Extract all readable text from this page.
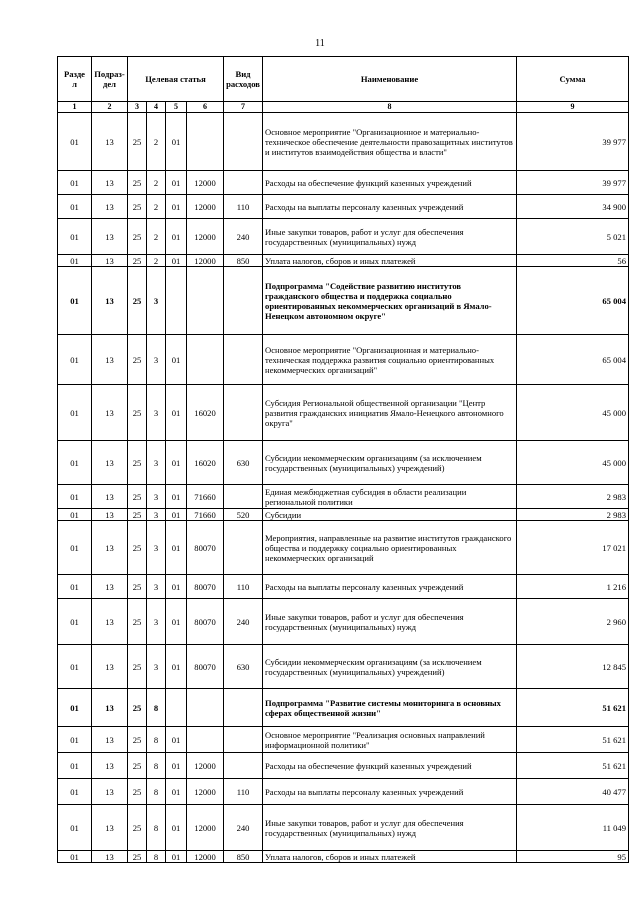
11
Разде
л	Подраз-
дел	Целевая статья				Вид
расходов	Наименование	Сумма
1	2	3	4	5	6	7	8	9
01	13	25	2	01			Основное мероприятие "Организационное и материально-техническое обеспечение деятельности правозащитных институтов и институтов взаимодействия общества и власти"	39 977
01	13	25	2	01	12000		Расходы на обеспечение функций казенных учреждений	39 977
01	13	25	2	01	12000	110	Расходы на выплаты персоналу казенных учреждений	34 900
01	13	25	2	01	12000	240	Иные закупки товаров, работ и услуг для обеспечения государственных (муниципальных) нужд	5 021
01	13	25	2	01	12000	850	Уплата налогов, сборов и иных платежей	56
01	13	25	3				Подпрограмма "Содействие развитию институтов гражданского общества и поддержка социально ориентированных некоммерческих организаций в Ямало-Ненецком автономном округе"	65 004
01	13	25	3	01			Основное мероприятие "Организационная и материально-техническая поддержка развития социально ориентированных некоммерческих организаций"	65 004
01	13	25	3	01	16020		Субсидия Региональной общественной организации "Центр развития гражданских инициатив Ямало-Ненецкого автономного округа"	45 000
01	13	25	3	01	16020	630	Субсидии некоммерческим организациям (за исключением государственных (муниципальных) учреждений)	45 000
01	13	25	3	01	71660		Единая межбюджетная субсидия в области реализации региональной политики	2 983
01	13	25	3	01	71660	520	Субсидии	2 983
01	13	25	3	01	80070		Мероприятия, направленные на развитие институтов гражданского общества и поддержку социально ориентированных некоммерческих организаций	17 021
01	13	25	3	01	80070	110	Расходы на выплаты персоналу казенных учреждений	1 216
01	13	25	3	01	80070	240	Иные закупки товаров, работ и услуг для обеспечения государственных (муниципальных) нужд	2 960
01	13	25	3	01	80070	630	Субсидии некоммерческим организациям (за исключением государственных (муниципальных) учреждений)	12 845
01	13	25	8				Подпрограмма "Развитие системы мониторинга в основных сферах общественной жизни"	51 621
01	13	25	8	01			Основное мероприятие "Реализация основных направлений информационной политики"	51 621
01	13	25	8	01	12000		Расходы на обеспечение функций казенных учреждений	51 621
01	13	25	8	01	12000	110	Расходы на выплаты персоналу казенных учреждений	40 477
01	13	25	8	01	12000	240	Иные закупки товаров, работ и услуг для обеспечения государственных (муниципальных) нужд	11 049
01	13	25	8	01	12000	850	Уплата налогов, сборов и иных платежей	95
